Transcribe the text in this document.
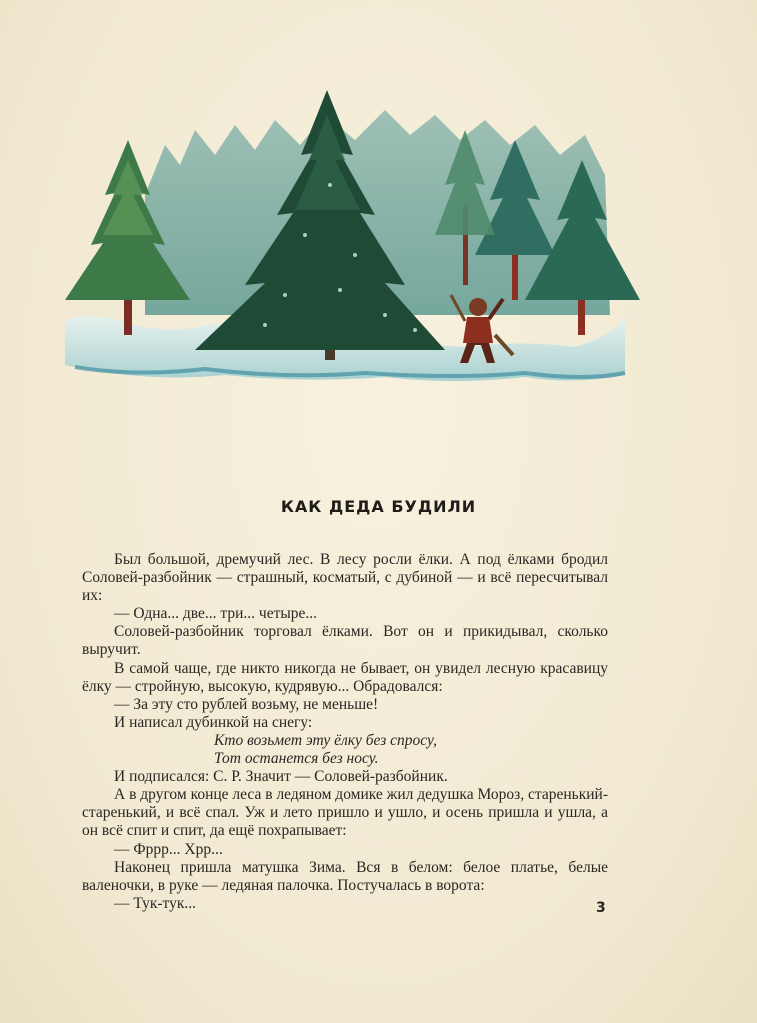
КАК ДЕДА БУДИЛИ

Был большой, дремучий лес. В лесу росли ёлки. А под ёлками бродил Соловей-разбойник — страшный, косматый, с дубиной — и всё пересчитывал их:

— Одна... две... три... четыре...

Соловей-разбойник торговал ёлками. Вот он и прикидывал, сколько выручит.

В самой чаще, где никто никогда не бывает, он увидел лесную красавицу ёлку — стройную, высокую, кудрявую... Обрадовался:

— За эту сто рублей возьму, не меньше!

И написал дубинкой на снегу:

Кто возьмет эту ёлку без спросу,

Тот останется без носу.

И подписался: С. Р. Значит — Соловей-разбойник.

А в другом конце леса в ледяном домике жил дедушка Мороз, старенький-старенький, и всё спал. Уж и лето пришло и ушло, и осень пришла и ушла, а он всё спит и спит, да ещё похрапывает:

— Фррр... Хрр...

Наконец пришла матушка Зима. Вся в белом: белое платье, белые валеночки, в руке — ледяная палочка. Постучалась в ворота:

— Тук-тук...	3
